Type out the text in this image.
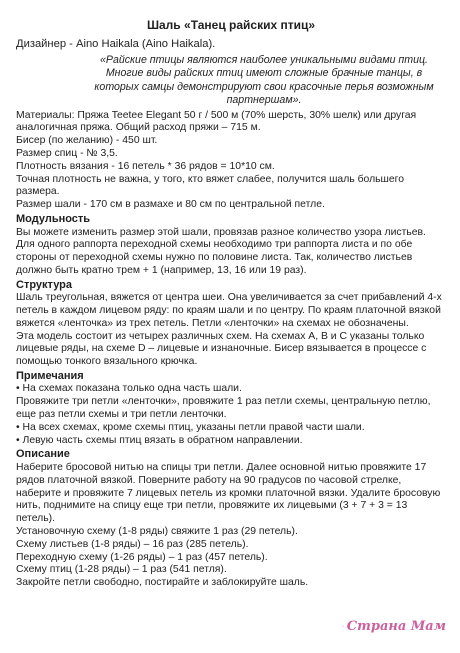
Шаль «Танец райских птиц»
Дизайнер - Aino Haikala (Aino Haikala).
«Райские птицы являются наиболее уникальными видами птиц. Многие виды райских птиц имеют сложные брачные танцы, в которых самцы демонстрируют свои красочные перья возможным партнершам».

Материалы: Пряжа Teetee Elegant 50 г / 500 м (70% шерсть, 30% шелк) или другая аналогичная пряжа. Общий расход пряжи – 715 м.

Бисер (по желанию) - 450 шт.

Размер спиц - № 3,5.

Плотность вязания - 16 петель * 36 рядов = 10*10 см.

Точная плотность не важна, у того, кто вяжет слабее, получится шаль большего размера.

Размер шали - 170 см в размахе и 80 см по центральной петле.

Модульность

Вы можете изменить размер этой шали, провязав разное количество узора листьев. Для одного раппорта переходной схемы необходимо три раппорта листа и по обе стороны от переходной схемы нужно по половине листа. Так, количество листьев должно быть кратно трем + 1 (например, 13, 16 или 19 раз).

Структура

Шаль треугольная, вяжется от центра шеи. Она увеличивается за счет прибавлений 4-х петель в каждом лицевом ряду: по краям шали и по центру. По краям платочной вязкой вяжется «ленточка» из трех петель. Петли «ленточки» на схемах не обозначены.

Эта модель состоит из четырех различных схем. На схемах A, B и C указаны только лицевые ряды, на схеме D – лицевые и изнаночные. Бисер вязывается в процессе с помощью тонкого вязального крючка.

Примечания

• На схемах показана только одна часть шали.

Провяжите три петли «ленточки», провяжите 1 раз петли схемы, центральную петлю, еще раз петли схемы и три петли ленточки.

• На всех схемах, кроме схемы птиц, указаны петли правой части шали.

• Левую часть схемы птиц вязать в обратном направлении.

Описание

Наберите бросовой нитью на спицы три петли. Далее основной нитью провяжите 17 рядов платочной вязкой. Поверните работу на 90 градусов по часовой стрелке, наберите и провяжите 7 лицевых петель из кромки платочной вязки. Удалите бросовую нить, поднимите на спицу еще три петли, провяжите их лицевыми (3 + 7 + 3 = 13 петель).

Установочную схему (1-8 ряды) свяжите 1 раз (29 петель).

Схему листьев (1-8 ряды) – 16 раз (285 петель).

Переходную схему (1-26 ряды) – 1 раз (457 петель).

Схему птиц (1-28 ряды) – 1 раз (541 петля).

Закройте петли свободно, постирайте и заблокируйте шаль.

Страна Мам
